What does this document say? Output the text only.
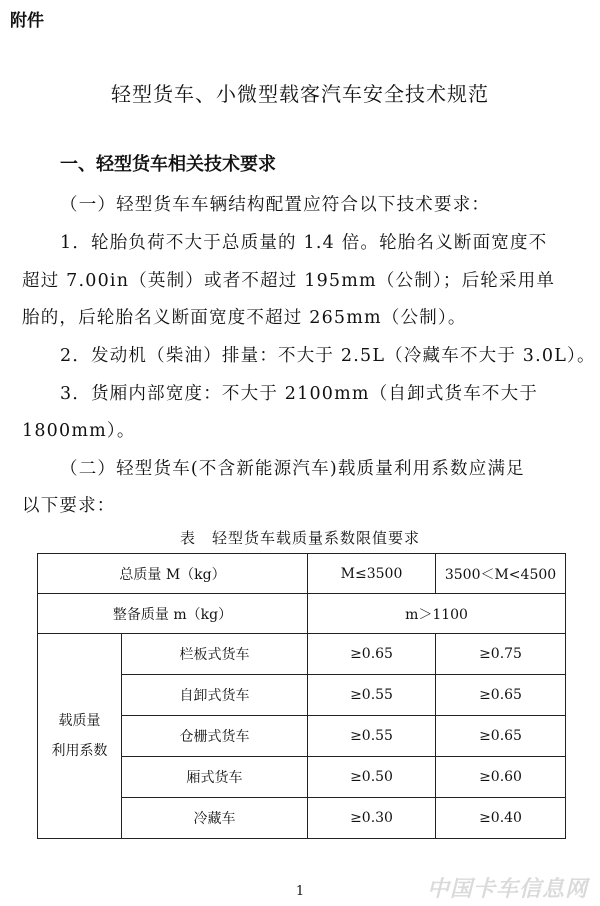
附件
轻型货车、小微型载客汽车安全技术规范
一、轻型货车相关技术要求
（一）轻型货车车辆结构配置应符合以下技术要求：
1．轮胎负荷不大于总质量的 1.4 倍。轮胎名义断面宽度不
超过 7.00in（英制）或者不超过 195mm（公制）；后轮采用单
胎的，后轮胎名义断面宽度不超过 265mm（公制）。
2．发动机（柴油）排量：不大于 2.5L（冷藏车不大于 3.0L）。
3．货厢内部宽度：不大于 2100mm（自卸式货车不大于
1800mm）。
（二）轻型货车(不含新能源汽车)载质量利用系数应满足
以下要求：
表　轻型货车载质量系数限值要求
总质量 M（kg）		M≤3500	3500＜M<4500
整备质量 m（kg）		m＞1100	
载质量
利用系数	栏板式货车	≥0.65	≥0.75
	自卸式货车	≥0.55	≥0.65
	仓栅式货车	≥0.55	≥0.65
	厢式货车	≥0.50	≥0.60
	冷藏车	≥0.30	≥0.40
1	中国卡车信息网
